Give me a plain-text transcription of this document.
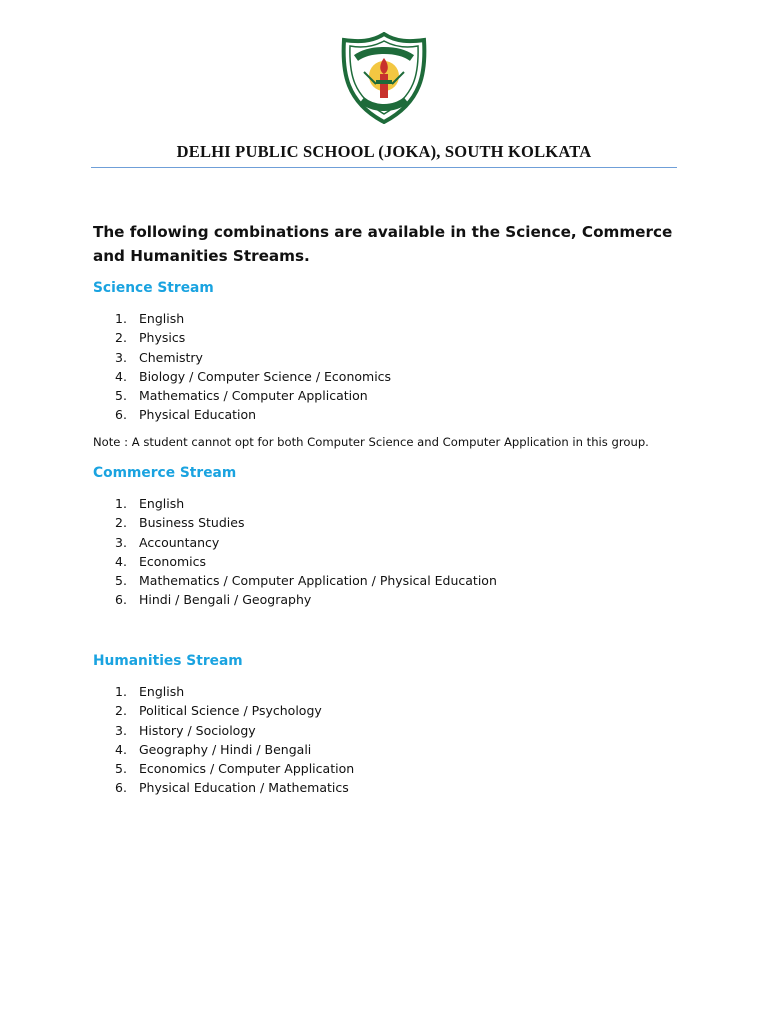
DELHI PUBLIC SCHOOL (JOKA), SOUTH KOLKATA
The following combinations are available in the Science, Commerce and Humanities Streams.
Science Stream
1. English
2. Physics
3. Chemistry
4. Biology / Computer Science / Economics
5. Mathematics / Computer Application
6. Physical Education
Note : A student cannot opt for both Computer Science and Computer Application in this group.
Commerce Stream
1. English
2. Business Studies
3. Accountancy
4. Economics
5. Mathematics / Computer Application / Physical Education
6. Hindi / Bengali / Geography
Humanities Stream
1. English
2. Political Science / Psychology
3. History / Sociology
4. Geography / Hindi / Bengali
5. Economics / Computer Application
6. Physical Education / Mathematics
